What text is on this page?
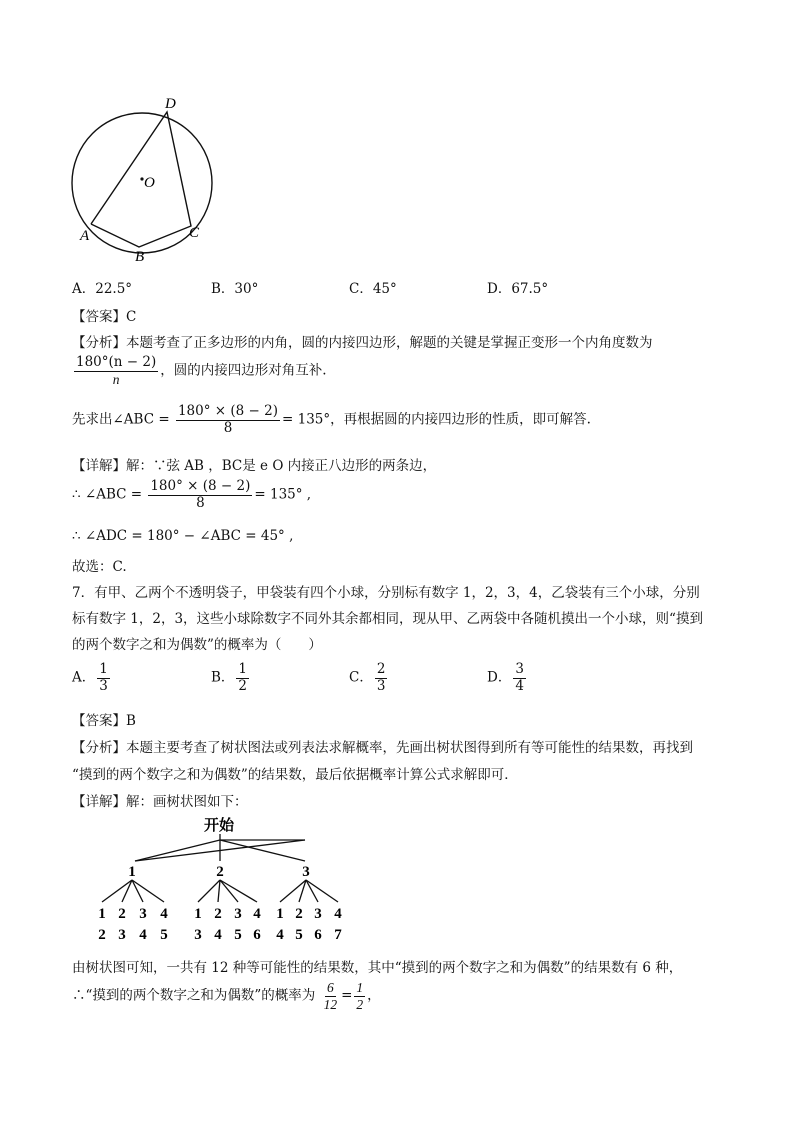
D
O
A
B
C
A．22.5°	B．30°	C．45°	D．67.5°
【答案】C
【分析】本题考查了正多边形的内角，圆的内接四边形，解题的关键是掌握正变形一个内角度数为
$\frac{180^\circ(n - 2)}{n}$ ，圆的内接四边形对角互补.
先求出∠ABC = $\frac{180^\circ \times (8 - 2)}{8} = 135^\circ$，再根据圆的内接四边形的性质，即可解答.
【详解】解：∵弦 AB ，BC是 e O 内接正八边形的两条边，
∴ ∠ABC = $\frac{180^\circ \times (8 - 2)}{8} = 135^\circ$ ,
∴ ∠ADC = 180° − ∠ABC = 45° ,
故选：C.
7．有甲、乙两个不透明袋子，甲袋装有四个小球，分别标有数字 1，2，3，4，乙袋装有三个小球，分别
标有数字 1，2，3，这些小球除数字不同外其余都相同，现从甲、乙两袋中各随机摸出一个小球，则“摸到
的两个数字之和为偶数”的概率为（　　）
A． $\frac{1}{3}$	B． $\frac{1}{2}$	C． $\frac{2}{3}$	D． $\frac{3}{4}$
【答案】B
【分析】本题主要考查了树状图法或列表法求解概率，先画出树状图得到所有等可能性的结果数，再找到
“摸到的两个数字之和为偶数”的结果数，最后依据概率计算公式求解即可．
【详解】解：画树状图如下：
开始
1	2	3
1 2 3 4 1 2 3 4 1 2 3 4
2 3 4 5 3 4 5 6 4 5 6 7
由树状图可知，一共有 12 种等可能性的结果数，其中“摸到的两个数字之和为偶数”的结果数有 6 种，
∴“摸到的两个数字之和为偶数”的概率为 $\frac{6}{12} = \frac{1}{2}$ ，
